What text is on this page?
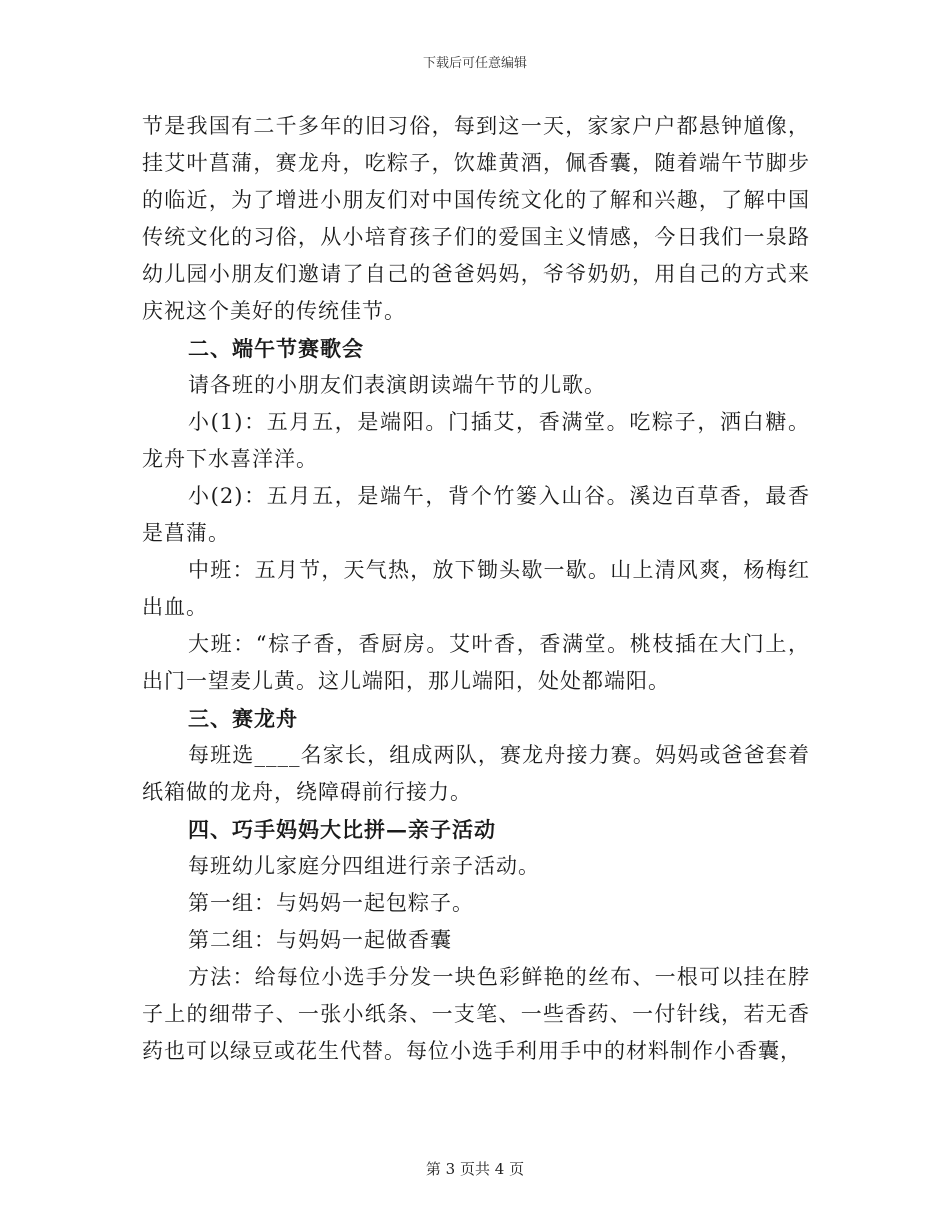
下载后可任意编辑

节是我国有二千多年的旧习俗，每到这一天，家家户户都悬钟馗像，挂艾叶菖蒲，赛龙舟，吃粽子，饮雄黄酒，佩香囊，随着端午节脚步的临近，为了增进小朋友们对中国传统文化的了解和兴趣，了解中国传统文化的习俗，从小培育孩子们的爱国主义情感，今日我们一泉路幼儿园小朋友们邀请了自己的爸爸妈妈，爷爷奶奶，用自己的方式来庆祝这个美好的传统佳节。

二、端午节赛歌会

请各班的小朋友们表演朗读端午节的儿歌。

小(1)：五月五，是端阳。门插艾，香满堂。吃粽子，洒白糖。龙舟下水喜洋洋。

小(2)：五月五，是端午，背个竹篓入山谷。溪边百草香，最香是菖蒲。

中班：五月节，天气热，放下锄头歇一歇。山上清风爽，杨梅红出血。

大班：“棕子香，香厨房。艾叶香，香满堂。桃枝插在大门上，出门一望麦儿黄。这儿端阳，那儿端阳，处处都端阳。

三、赛龙舟

每班选____名家长，组成两队，赛龙舟接力赛。妈妈或爸爸套着纸箱做的龙舟，绕障碍前行接力。

四、巧手妈妈大比拼—亲子活动

每班幼儿家庭分四组进行亲子活动。

第一组：与妈妈一起包粽子。

第二组：与妈妈一起做香囊

方法：给每位小选手分发一块色彩鲜艳的丝布、一根可以挂在脖子上的细带子、一张小纸条、一支笔、一些香药、一付针线，若无香药也可以绿豆或花生代替。每位小选手利用手中的材料制作小香囊，

第 3 页共 4 页
